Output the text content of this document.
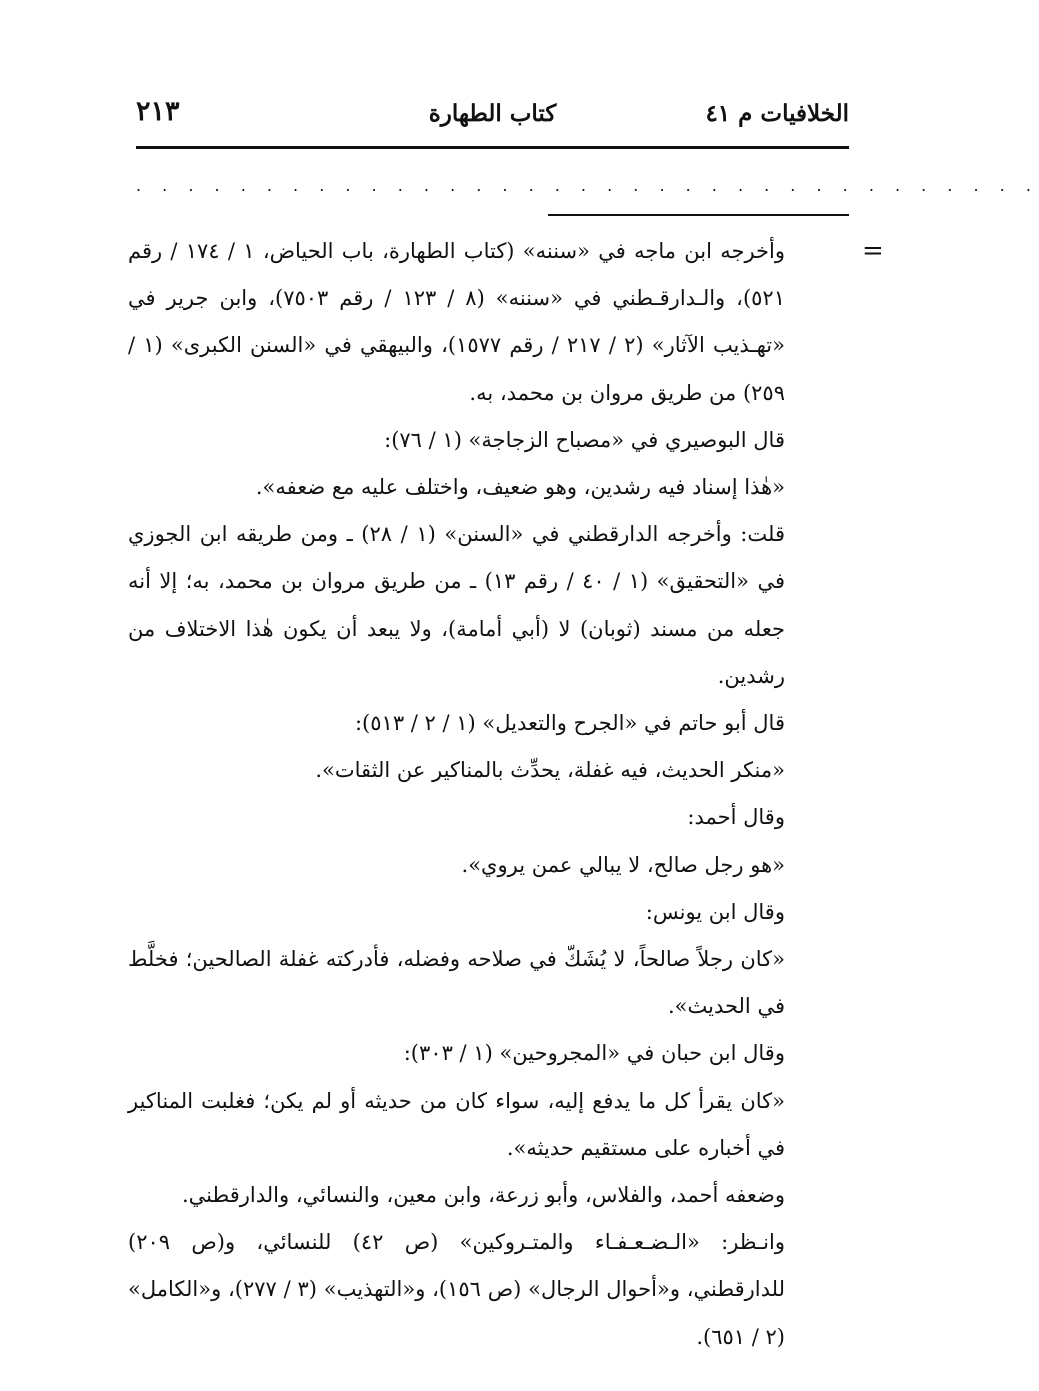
الخلافيات م ٤١
كتاب الطهارة
٢١٣
. . . . . . . . . . . . . . . . . . . . . . . . . . . . . . . . . . .
=

وأخرجه ابن ماجه في «سننه» (كتاب الطهارة، باب الحياض، ١ / ١٧٤ / رقم ٥٢١)، والـدارقـطني في «سننه» (٨ / ١٢٣ / رقم ٧٥٠٣)، وابن جرير في «تهـذيب الآثار» (٢ / ٢١٧ / رقم ١٥٧٧)، والبيهقي في «السنن الكبرى» (١ / ٢٥٩) من طريق مروان بن محمد، به.

قال البوصيري في «مصباح الزجاجة» (١ / ٧٦):

«هٰذا إسناد فيه رشدين، وهو ضعيف، واختلف عليه مع ضعفه».

قلت: وأخرجه الدارقطني في «السنن» (١ / ٢٨) ـ ومن طريقه ابن الجوزي في «التحقيق» (١ / ٤٠ / رقم ١٣) ـ من طريق مروان بن محمد، به؛ إلا أنه جعله من مسند (ثوبان) لا (أبي أمامة)، ولا يبعد أن يكون هٰذا الاختلاف من رشدين.

قال أبو حاتم في «الجرح والتعديل» (١ / ٢ / ٥١٣):

«منكر الحديث، فيه غفلة، يحدِّث بالمناكير عن الثقات».

وقال أحمد:

«هو رجل صالح، لا يبالي عمن يروي».

وقال ابن يونس:

«كان رجلاً صالحاً، لا يُشَكّ في صلاحه وفضله، فأدركته غفلة الصالحين؛ فخلَّط في الحديث».

وقال ابن حبان في «المجروحين» (١ / ٣٠٣):

«كان يقرأ كل ما يدفع إليه، سواء كان من حديثه أو لم يكن؛ فغلبت المناكير في أخباره على مستقيم حديثه».

وضعفه أحمد، والفلاس، وأبو زرعة، وابن معين، والنسائي، والدارقطني.

وانـظر: «الـضـعـفـاء والمتـروكين» (ص ٤٢) للنسائي، و(ص ٢٠٩) للدارقطني، و«أحوال الرجال» (ص ١٥٦)، و«التهذيب» (٣ / ٢٧٧)، و«الكامل» (٢ / ٦٥١).
